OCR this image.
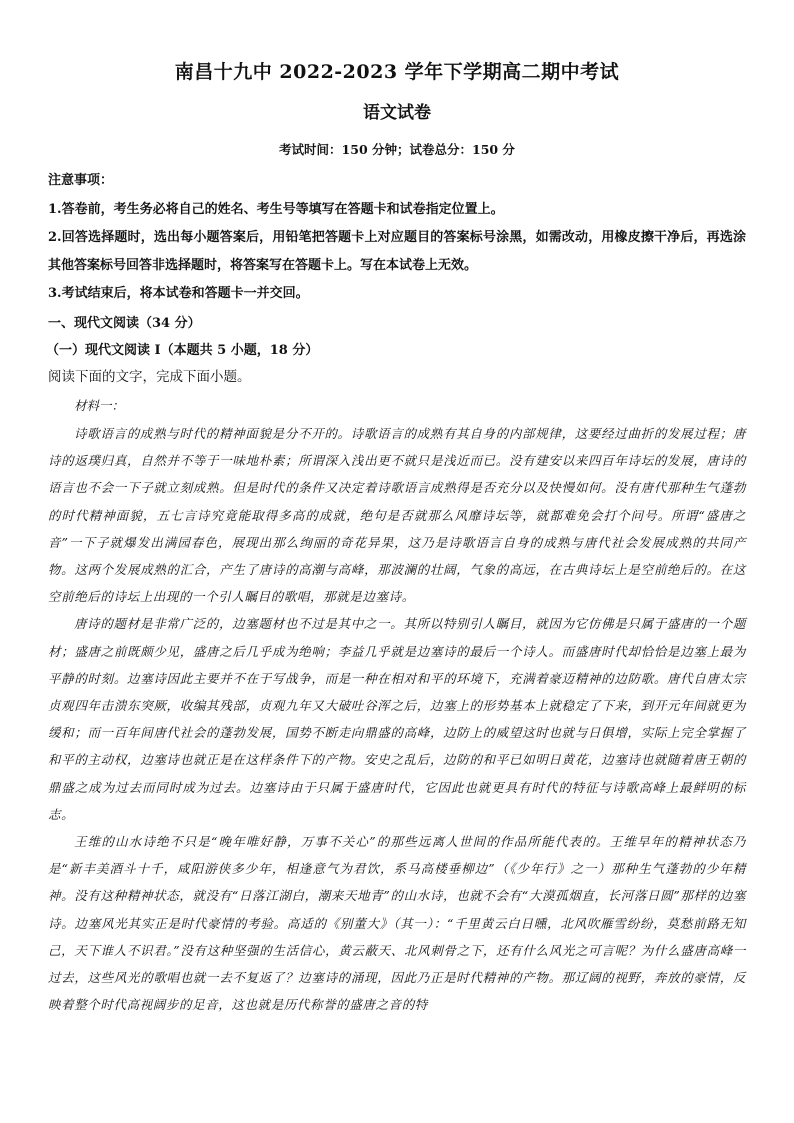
南昌十九中 2022-2023 学年下学期高二期中考试
语文试卷
考试时间：150 分钟；试卷总分：150 分
注意事项：
1.答卷前，考生务必将自己的姓名、考生号等填写在答题卡和试卷指定位置上。
2.回答选择题时，选出每小题答案后，用铅笔把答题卡上对应题目的答案标号涂黑，如需改动，用橡皮擦干净后，再选涂其他答案标号回答非选择题时，将答案写在答题卡上。写在本试卷上无效。
3.考试结束后，将本试卷和答题卡一并交回。
一、现代文阅读（34 分）
（一）现代文阅读 I（本题共 5 小题，18 分）
阅读下面的文字，完成下面小题。
材料一：

诗歌语言的成熟与时代的精神面貌是分不开的。诗歌语言的成熟有其自身的内部规律，这要经过曲折的发展过程；唐诗的返璞归真，自然并不等于一味地朴素；所谓深入浅出更不就只是浅近而已。没有建安以来四百年诗坛的发展，唐诗的语言也不会一下子就立刻成熟。但是时代的条件又决定着诗歌语言成熟得是否充分以及快慢如何。没有唐代那种生气蓬勃的时代精神面貌，五七言诗究竟能取得多高的成就，绝句是否就那么风靡诗坛等，就都难免会打个问号。所谓“盛唐之音”一下子就爆发出满园春色，展现出那么绚丽的奇花异果，这乃是诗歌语言自身的成熟与唐代社会发展成熟的共同产物。这两个发展成熟的汇合，产生了唐诗的高潮与高峰，那波澜的壮阔，气象的高远，在古典诗坛上是空前绝后的。在这空前绝后的诗坛上出现的一个引人瞩目的歌唱，那就是边塞诗。

唐诗的题材是非常广泛的，边塞题材也不过是其中之一。其所以特别引人瞩目，就因为它仿佛是只属于盛唐的一个题材；盛唐之前既颇少见，盛唐之后几乎成为绝响；李益几乎就是边塞诗的最后一个诗人。而盛唐时代却恰恰是边塞上最为平静的时刻。边塞诗因此主要并不在于写战争，而是一种在相对和平的环境下，充满着豪迈精神的边防歌。唐代自唐太宗贞观四年击溃东突厥，收编其残部，贞观九年又大破吐谷浑之后，边塞上的形势基本上就稳定了下来，到开元年间就更为缓和；而一百年间唐代社会的蓬勃发展，国势不断走向鼎盛的高峰，边防上的威望这时也就与日俱增，实际上完全掌握了和平的主动权，边塞诗也就正是在这样条件下的产物。安史之乱后，边防的和平已如明日黄花，边塞诗也就随着唐王朝的鼎盛之成为过去而同时成为过去。边塞诗由于只属于盛唐时代，它因此也就更具有时代的特征与诗歌高峰上最鲜明的标志。

王维的山水诗绝不只是“晚年唯好静，万事不关心”的那些远离人世间的作品所能代表的。王维早年的精神状态乃是“新丰美酒斗十千，咸阳游侠多少年，相逢意气为君饮，系马高楼垂柳边”（《少年行》之一）那种生气蓬勃的少年精神。没有这种精神状态，就没有“日落江湖白，潮来天地青”的山水诗，也就不会有“大漠孤烟直，长河落日圆”那样的边塞诗。边塞风光其实正是时代豪情的考验。高适的《别董大》（其一）：“千里黄云白日曛，北风吹雁雪纷纷，莫愁前路无知己，天下谁人不识君。”没有这种坚强的生活信心，黄云蔽天、北风刺骨之下，还有什么风光之可言呢？为什么盛唐高峰一过去，这些风光的歌唱也就一去不复返了？边塞诗的涌现，因此乃正是时代精神的产物。那辽阔的视野，奔放的豪情，反映着整个时代高视阔步的足音，这也就是历代称誉的盛唐之音的特
